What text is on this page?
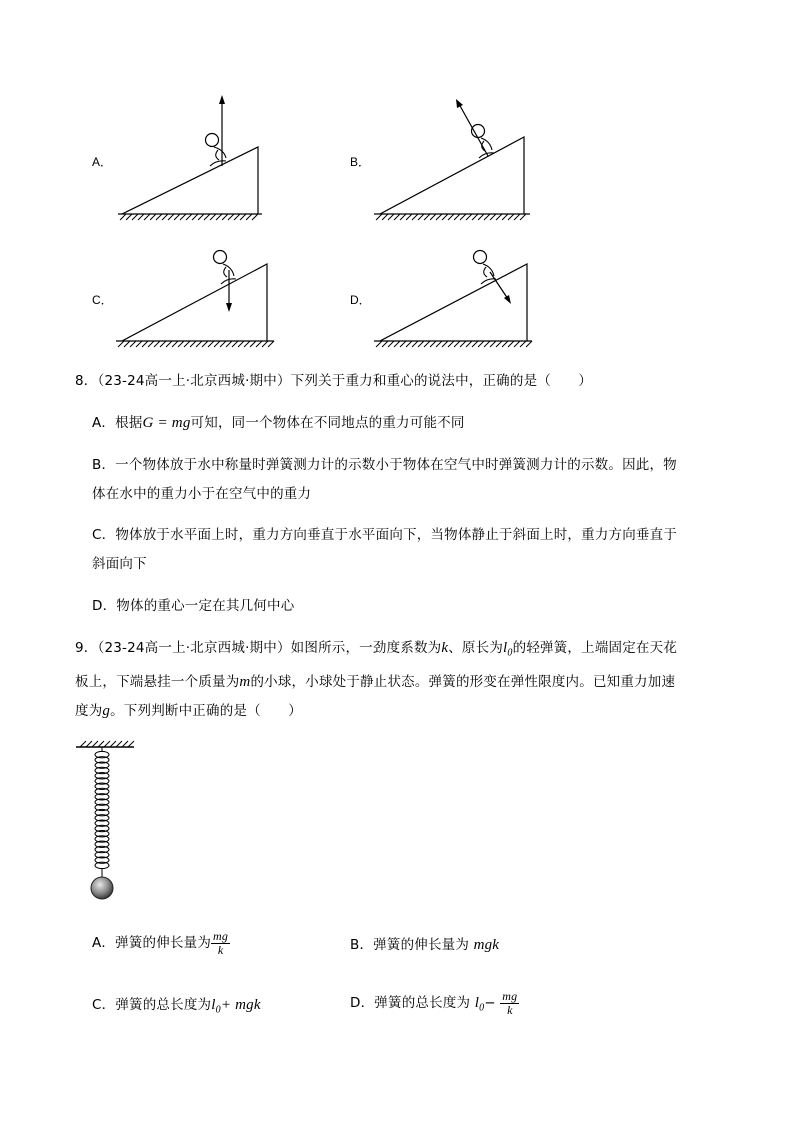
A．	B．
C．	D．
8．（23-24高一上·北京西城·期中）下列关于重力和重心的说法中，正确的是（　　）
A．根据G = mg可知，同一个物体在不同地点的重力可能不同
B．一个物体放于水中称量时弹簧测力计的示数小于物体在空气中时弹簧测力计的示数。因此，物
体在水中的重力小于在空气中的重力
C．物体放于水平面上时，重力方向垂直于水平面向下，当物体静止于斜面上时，重力方向垂直于
斜面向下
D．物体的重心一定在其几何中心
9．（23-24高一上·北京西城·期中）如图所示，一劲度系数为k、原长为$l_0$的轻弹簧，上端固定在天花
板上，下端悬挂一个质量为m的小球，小球处于静止状态。弹簧的形变在弹性限度内。已知重力加速
度为g。下列判断中正确的是（　　）
A．弹簧的伸长量为 $\frac{mg}{k}$	B．弹簧的伸长量为 mgk
C．弹簧的总长度为$l_0+$ mgk	D．弹簧的总长度为 $l_0- \frac{mg}{k}$
